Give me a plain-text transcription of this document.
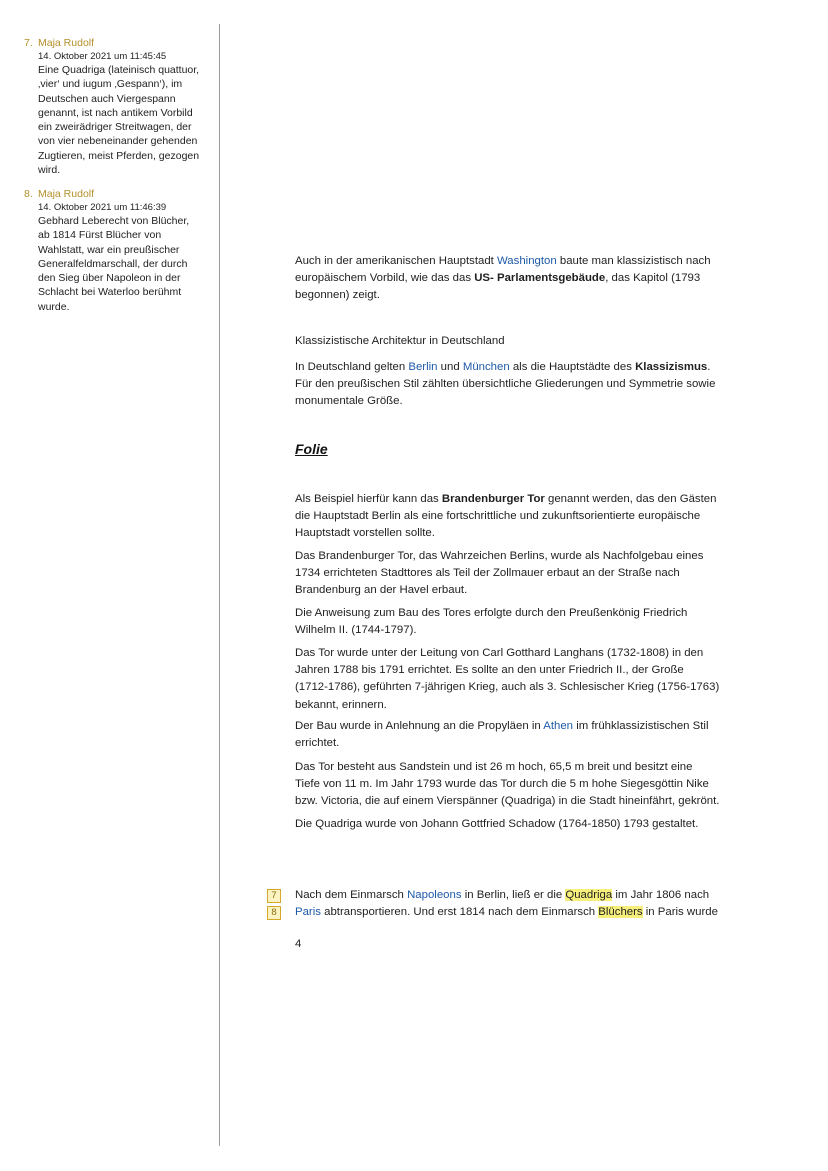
7. Maja Rudolf
14. Oktober 2021 um 11:45:45
Eine Quadriga (lateinisch quattuor,
‚vier‘ und iugum ‚Gespann‘), im
Deutschen auch Viergespann
genannt, ist nach antikem Vorbild
ein zweirädriger Streitwagen, der
von vier nebeneinander gehenden
Zugtieren, meist Pferden, gezogen
wird.
8. Maja Rudolf
14. Oktober 2021 um 11:46:39
Gebhard Leberecht von Blücher,
ab 1814 Fürst Blücher von
Wahlstatt, war ein preußischer
Generalfeldmarschall, der durch
den Sieg über Napoleon in der
Schlacht bei Waterloo berühmt
wurde.

Auch in der amerikanischen Hauptstadt Washington baute man klassizistisch nach

europäischem Vorbild, wie das das US- Parlamentsgebäude, das Kapitol (1793

begonnen) zeigt.

Klassizistische Architektur in Deutschland

In Deutschland gelten Berlin und München als die Hauptstädte des Klassizismus.

Für den preußischen Stil zählten übersichtliche Gliederungen und Symmetrie sowie

monumentale Größe.

Folie

Als Beispiel hierfür kann das Brandenburger Tor genannt werden, das den Gästen

die Hauptstadt Berlin als eine fortschrittliche und zukunftsorientierte europäische

Hauptstadt vorstellen sollte.

Das Brandenburger Tor, das Wahrzeichen Berlins, wurde als Nachfolgebau eines

1734 errichteten Stadttores als Teil der Zollmauer erbaut an der Straße nach

Brandenburg an der Havel erbaut.

Die Anweisung zum Bau des Tores erfolgte durch den Preußenkönig Friedrich

Wilhelm II. (1744-1797).

Das Tor wurde unter der Leitung von Carl Gotthard Langhans (1732-1808) in den

Jahren 1788 bis 1791 errichtet. Es sollte an den unter Friedrich II., der Große

(1712-1786), geführten 7-jährigen Krieg, auch als 3. Schlesischer Krieg (1756-1763)

bekannt, erinnern.

Der Bau wurde in Anlehnung an die Propyläen in Athen im frühklassizistischen Stil

errichtet.

Das Tor besteht aus Sandstein und ist 26 m hoch, 65,5 m breit und besitzt eine

Tiefe von 11 m. Im Jahr 1793 wurde das Tor durch die 5 m hohe Siegesgöttin Nike

bzw. Victoria, die auf einem Vierspänner (Quadriga) in die Stadt hineinfährt, gekrönt.

Die Quadriga wurde von Johann Gottfried Schadow (1764-1850) 1793 gestaltet.
7
8

Nach dem Einmarsch Napoleons in Berlin, ließ er die Quadriga im Jahr 1806 nach

Paris abtransportieren. Und erst 1814 nach dem Einmarsch Blüchers in Paris wurde

4
